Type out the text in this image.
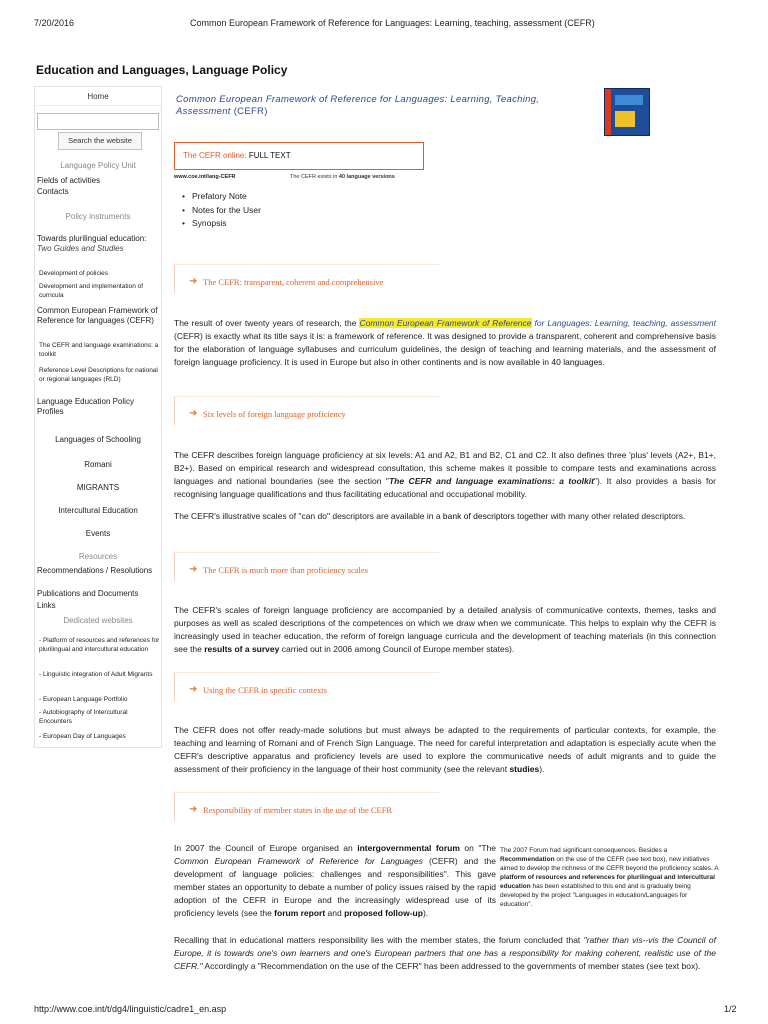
7/20/2016	Common European Framework of Reference for Languages: Learning, teaching, assessment (CEFR)
Education and Languages, Language Policy
Home
Search the website
Language Policy Unit
Fields of activities
Contacts
Policy instruments
Towards plurilingual education: Two Guides and Studies
Development of policies
Development and implementation of curricula
Common European Framework of Reference for languages (CEFR)
The CEFR and language examinations: a toolkit
Reference Level Descriptions for national or regional languages (RLD)
Language Education Policy Profiles
Languages of Schooling
Romani
MIGRANTS
Intercultural Education
Events
Resources
Recommendations / Resolutions
Publications and Documents
Links
Dedicated websites
- Platform of resources and references for plurilingual and intercultural education
- Linguistic integration of Adult Migrants
- European Language Portfolio
- Autobiography of Intercultural Encounters
- European Day of Languages
Common European Framework of Reference for Languages: Learning, Teaching, Assessment (CEFR)
The CEFR online: FULL TEXT
www.coe.int/lang-CEFR	The CEFR exists in 40 language versions
• Prefatory Note
• Notes for the User
• Synopsis
➜ The CEFR: transparent, coherent and comprehensive
The result of over twenty years of research, the Common European Framework of Reference for Languages: Learning, teaching, assessment (CEFR) is exactly what its title says it is: a framework of reference. It was designed to provide a transparent, coherent and comprehensive basis for the elaboration of language syllabuses and curriculum guidelines, the design of teaching and learning materials, and the assessment of foreign language proficiency. It is used in Europe but also in other continents and is now available in 40 languages.
➜ Six levels of foreign language proficiency
The CEFR describes foreign language proficiency at six levels: A1 and A2, B1 and B2, C1 and C2. It also defines three 'plus' levels (A2+, B1+, B2+). Based on empirical research and widespread consultation, this scheme makes it possible to compare tests and examinations across languages and national boundaries (see the section "The CEFR and language examinations: a toolkit"). It also provides a basis for recognising language qualifications and thus facilitating educational and occupational mobility.
The CEFR's illustrative scales of "can do" descriptors are available in a bank of descriptors together with many other related descriptors.
➜ The CEFR is much more than proficiency scales
The CEFR's scales of foreign language proficiency are accompanied by a detailed analysis of communicative contexts, themes, tasks and purposes as well as scaled descriptions of the competences on which we draw when we communicate. This helps to explain why the CEFR is increasingly used in teacher education, the reform of foreign language curricula and the development of teaching materials (in this connection see the results of a survey carried out in 2006 among Council of Europe member states).
➜ Using the CEFR in specific contexts
The CEFR does not offer ready-made solutions but must always be adapted to the requirements of particular contexts, for example, the teaching and learning of Romani and of French Sign Language. The need for careful interpretation and adaptation is especially acute when the CEFR's descriptive apparatus and proficiency levels are used to explore the communicative needs of adult migrants and to guide the assessment of their proficiency in the language of their host community (see the relevant studies).
➜ Responsibility of member states in the use of the CEFR
In 2007 the Council of Europe organised an intergovernmental forum on "The Common European Framework of Reference for Languages (CEFR) and the development of language policies: challenges and responsibilities". This gave member states an opportunity to debate a number of policy issues raised by the rapid adoption of the CEFR in Europe and the increasingly widespread use of its proficiency levels (see the forum report and proposed follow-up).
The 2007 Forum had significant consequences. Besides a Recommendation on the use of the CEFR (see text box), new initiatives aimed to develop the richness of the CEFR beyond the proficiency scales. A platform of resources and references for plurilingual and intercultural education has been established to this end and is gradually being developed by the project "Languages in education/Languages for education".
Recalling that in educational matters responsibility lies with the member states, the forum concluded that "rather than vis--vis the Council of Europe, it is towards one's own learners and one's European partners that one has a responsibility for making coherent, realistic use of the CEFR." Accordingly a "Recommendation on the use of the CEFR" has been addressed to the governments of member states (see text box).
http://www.coe.int/t/dg4/linguistic/cadre1_en.asp	1/2
